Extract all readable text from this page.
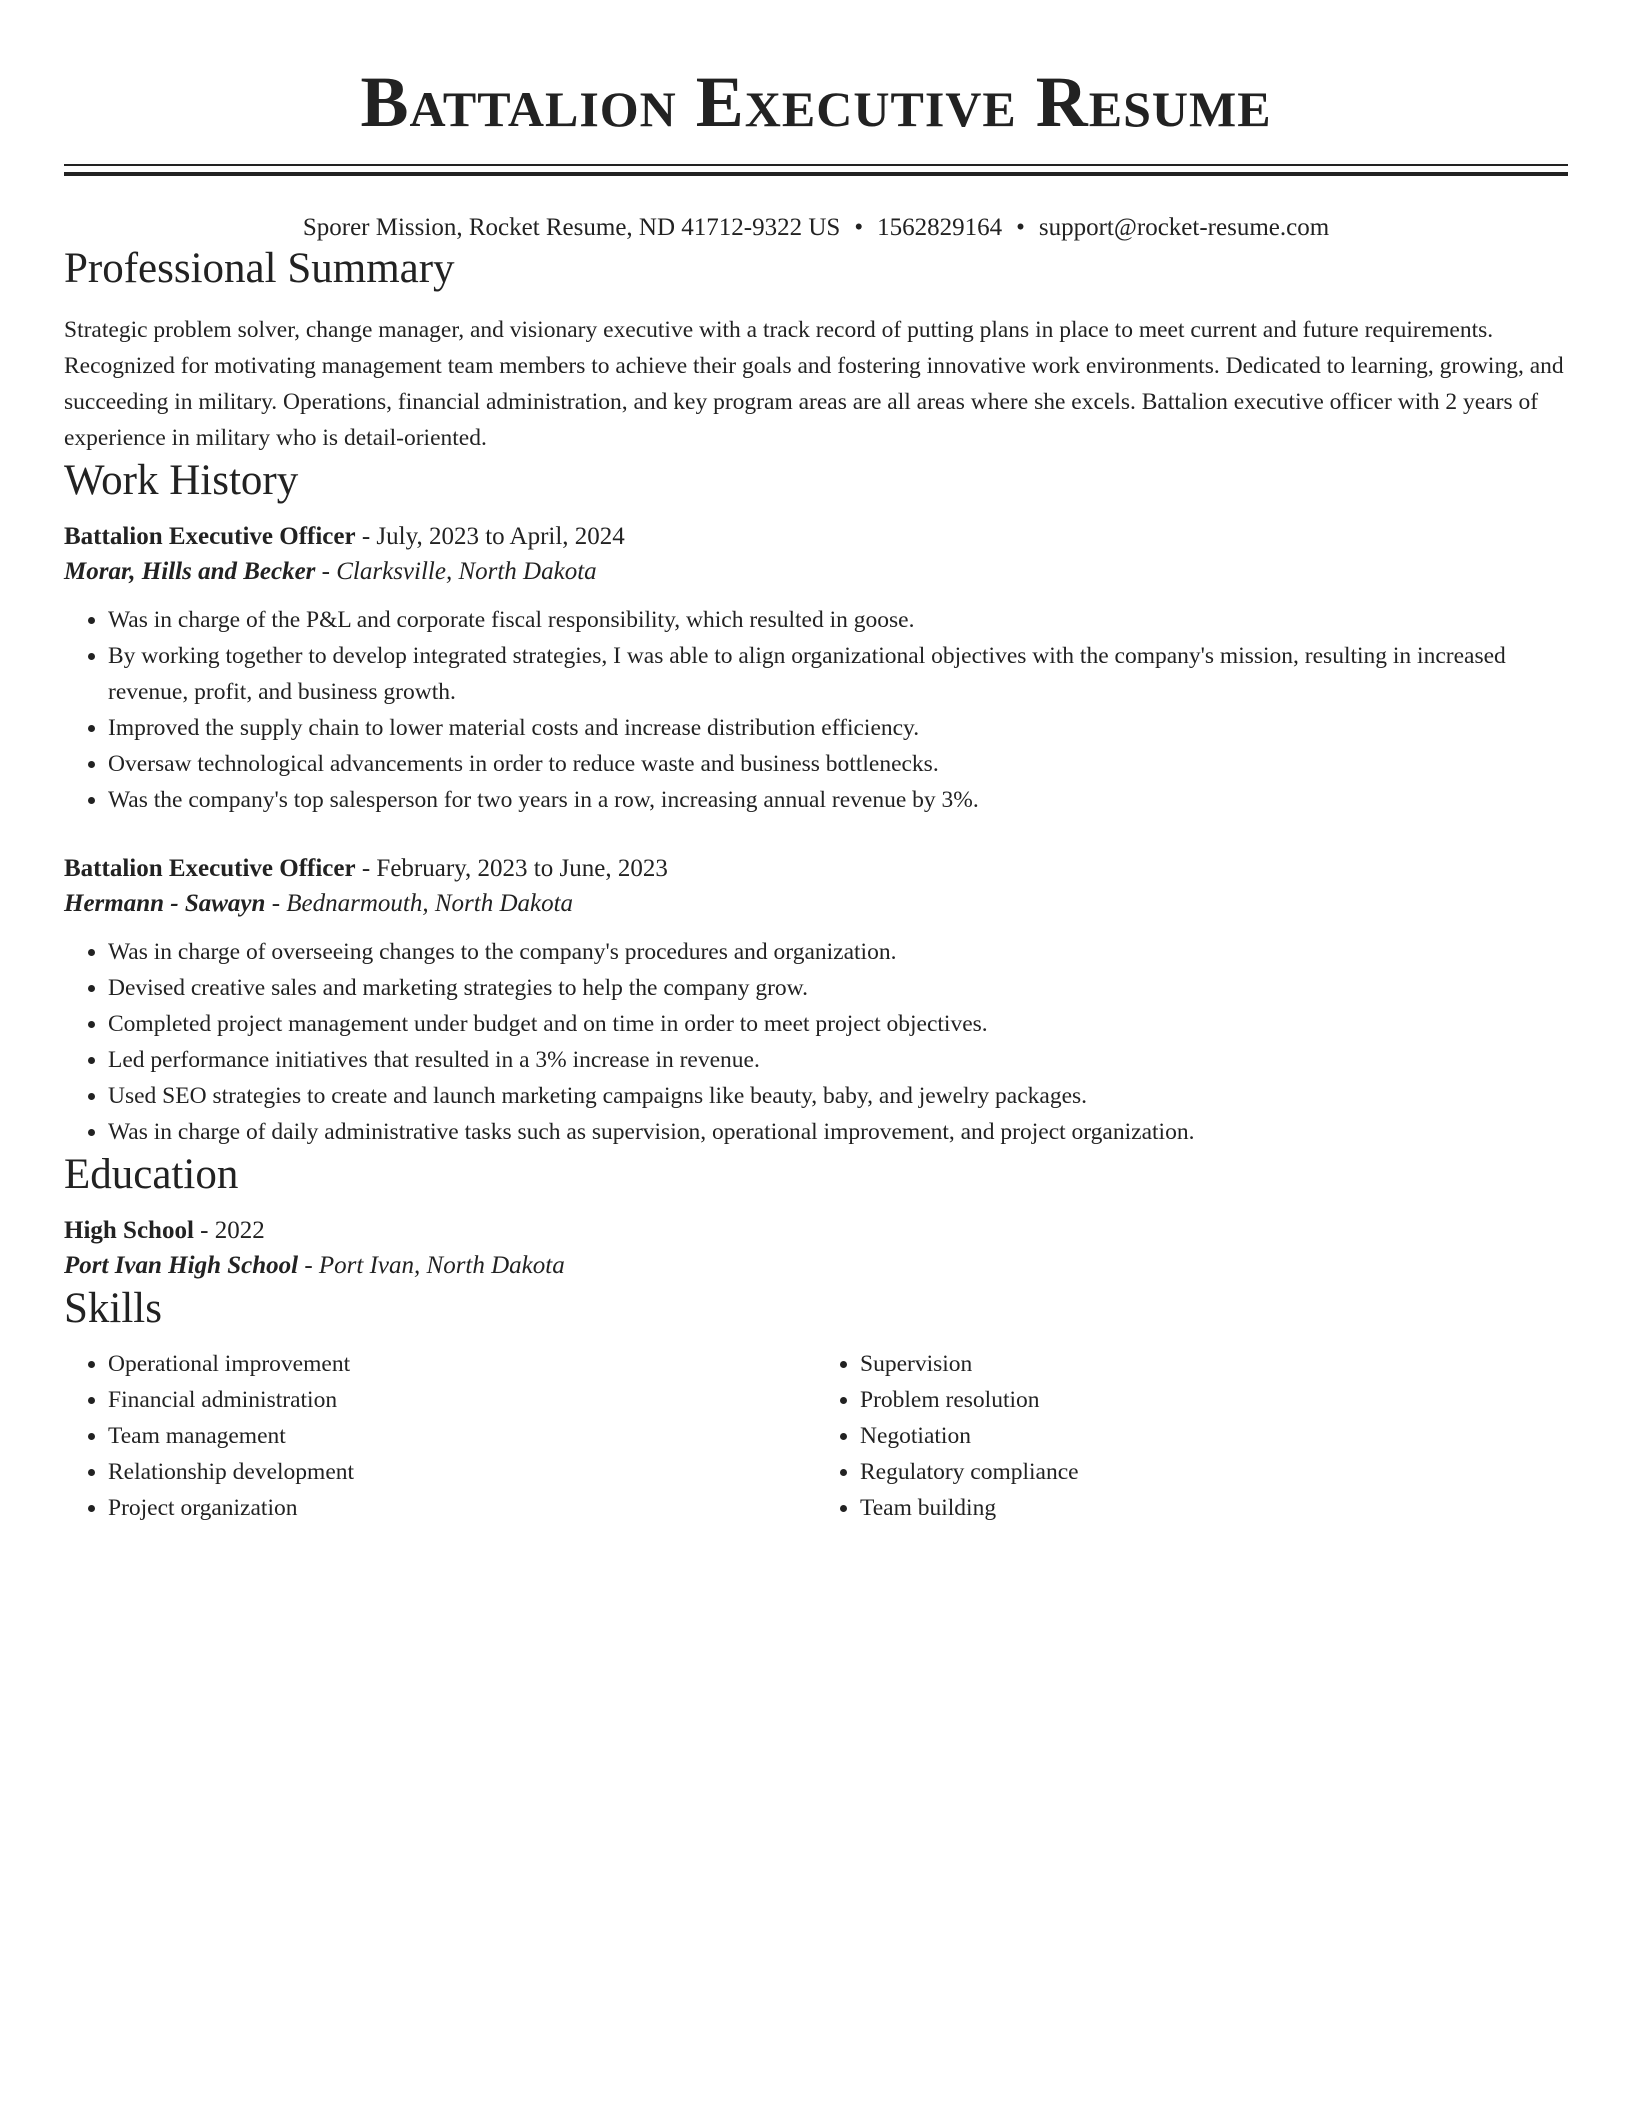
Battalion Executive Resume
Sporer Mission, Rocket Resume, ND 41712-9322 US • 1562829164 • support@rocket-resume.com
Professional Summary

Strategic problem solver, change manager, and visionary executive with a track record of putting plans in place to meet current and future requirements. Recognized for motivating management team members to achieve their goals and fostering innovative work environments. Dedicated to learning, growing, and succeeding in military. Operations, financial administration, and key program areas are all areas where she excels. Battalion executive officer with 2 years of experience in military who is detail-oriented.

Work History
Battalion Executive Officer - July, 2023 to April, 2024
Morar, Hills and Becker - Clarksville, North Dakota
• Was in charge of the P&L and corporate fiscal responsibility, which resulted in goose.
• By working together to develop integrated strategies, I was able to align organizational objectives with the company's mission, resulting in increased revenue, profit, and business growth.
• Improved the supply chain to lower material costs and increase distribution efficiency.
• Oversaw technological advancements in order to reduce waste and business bottlenecks.
• Was the company's top salesperson for two years in a row, increasing annual revenue by 3%.
Battalion Executive Officer - February, 2023 to June, 2023
Hermann - Sawayn - Bednarmouth, North Dakota
• Was in charge of overseeing changes to the company's procedures and organization.
• Devised creative sales and marketing strategies to help the company grow.
• Completed project management under budget and on time in order to meet project objectives.
• Led performance initiatives that resulted in a 3% increase in revenue.
• Used SEO strategies to create and launch marketing campaigns like beauty, baby, and jewelry packages.
• Was in charge of daily administrative tasks such as supervision, operational improvement, and project organization.
Education
High School - 2022
Port Ivan High School - Port Ivan, North Dakota
Skills
• Operational improvement
• Financial administration
• Team management
• Relationship development
• Project organization
• Supervision
• Problem resolution
• Negotiation
• Regulatory compliance
• Team building
